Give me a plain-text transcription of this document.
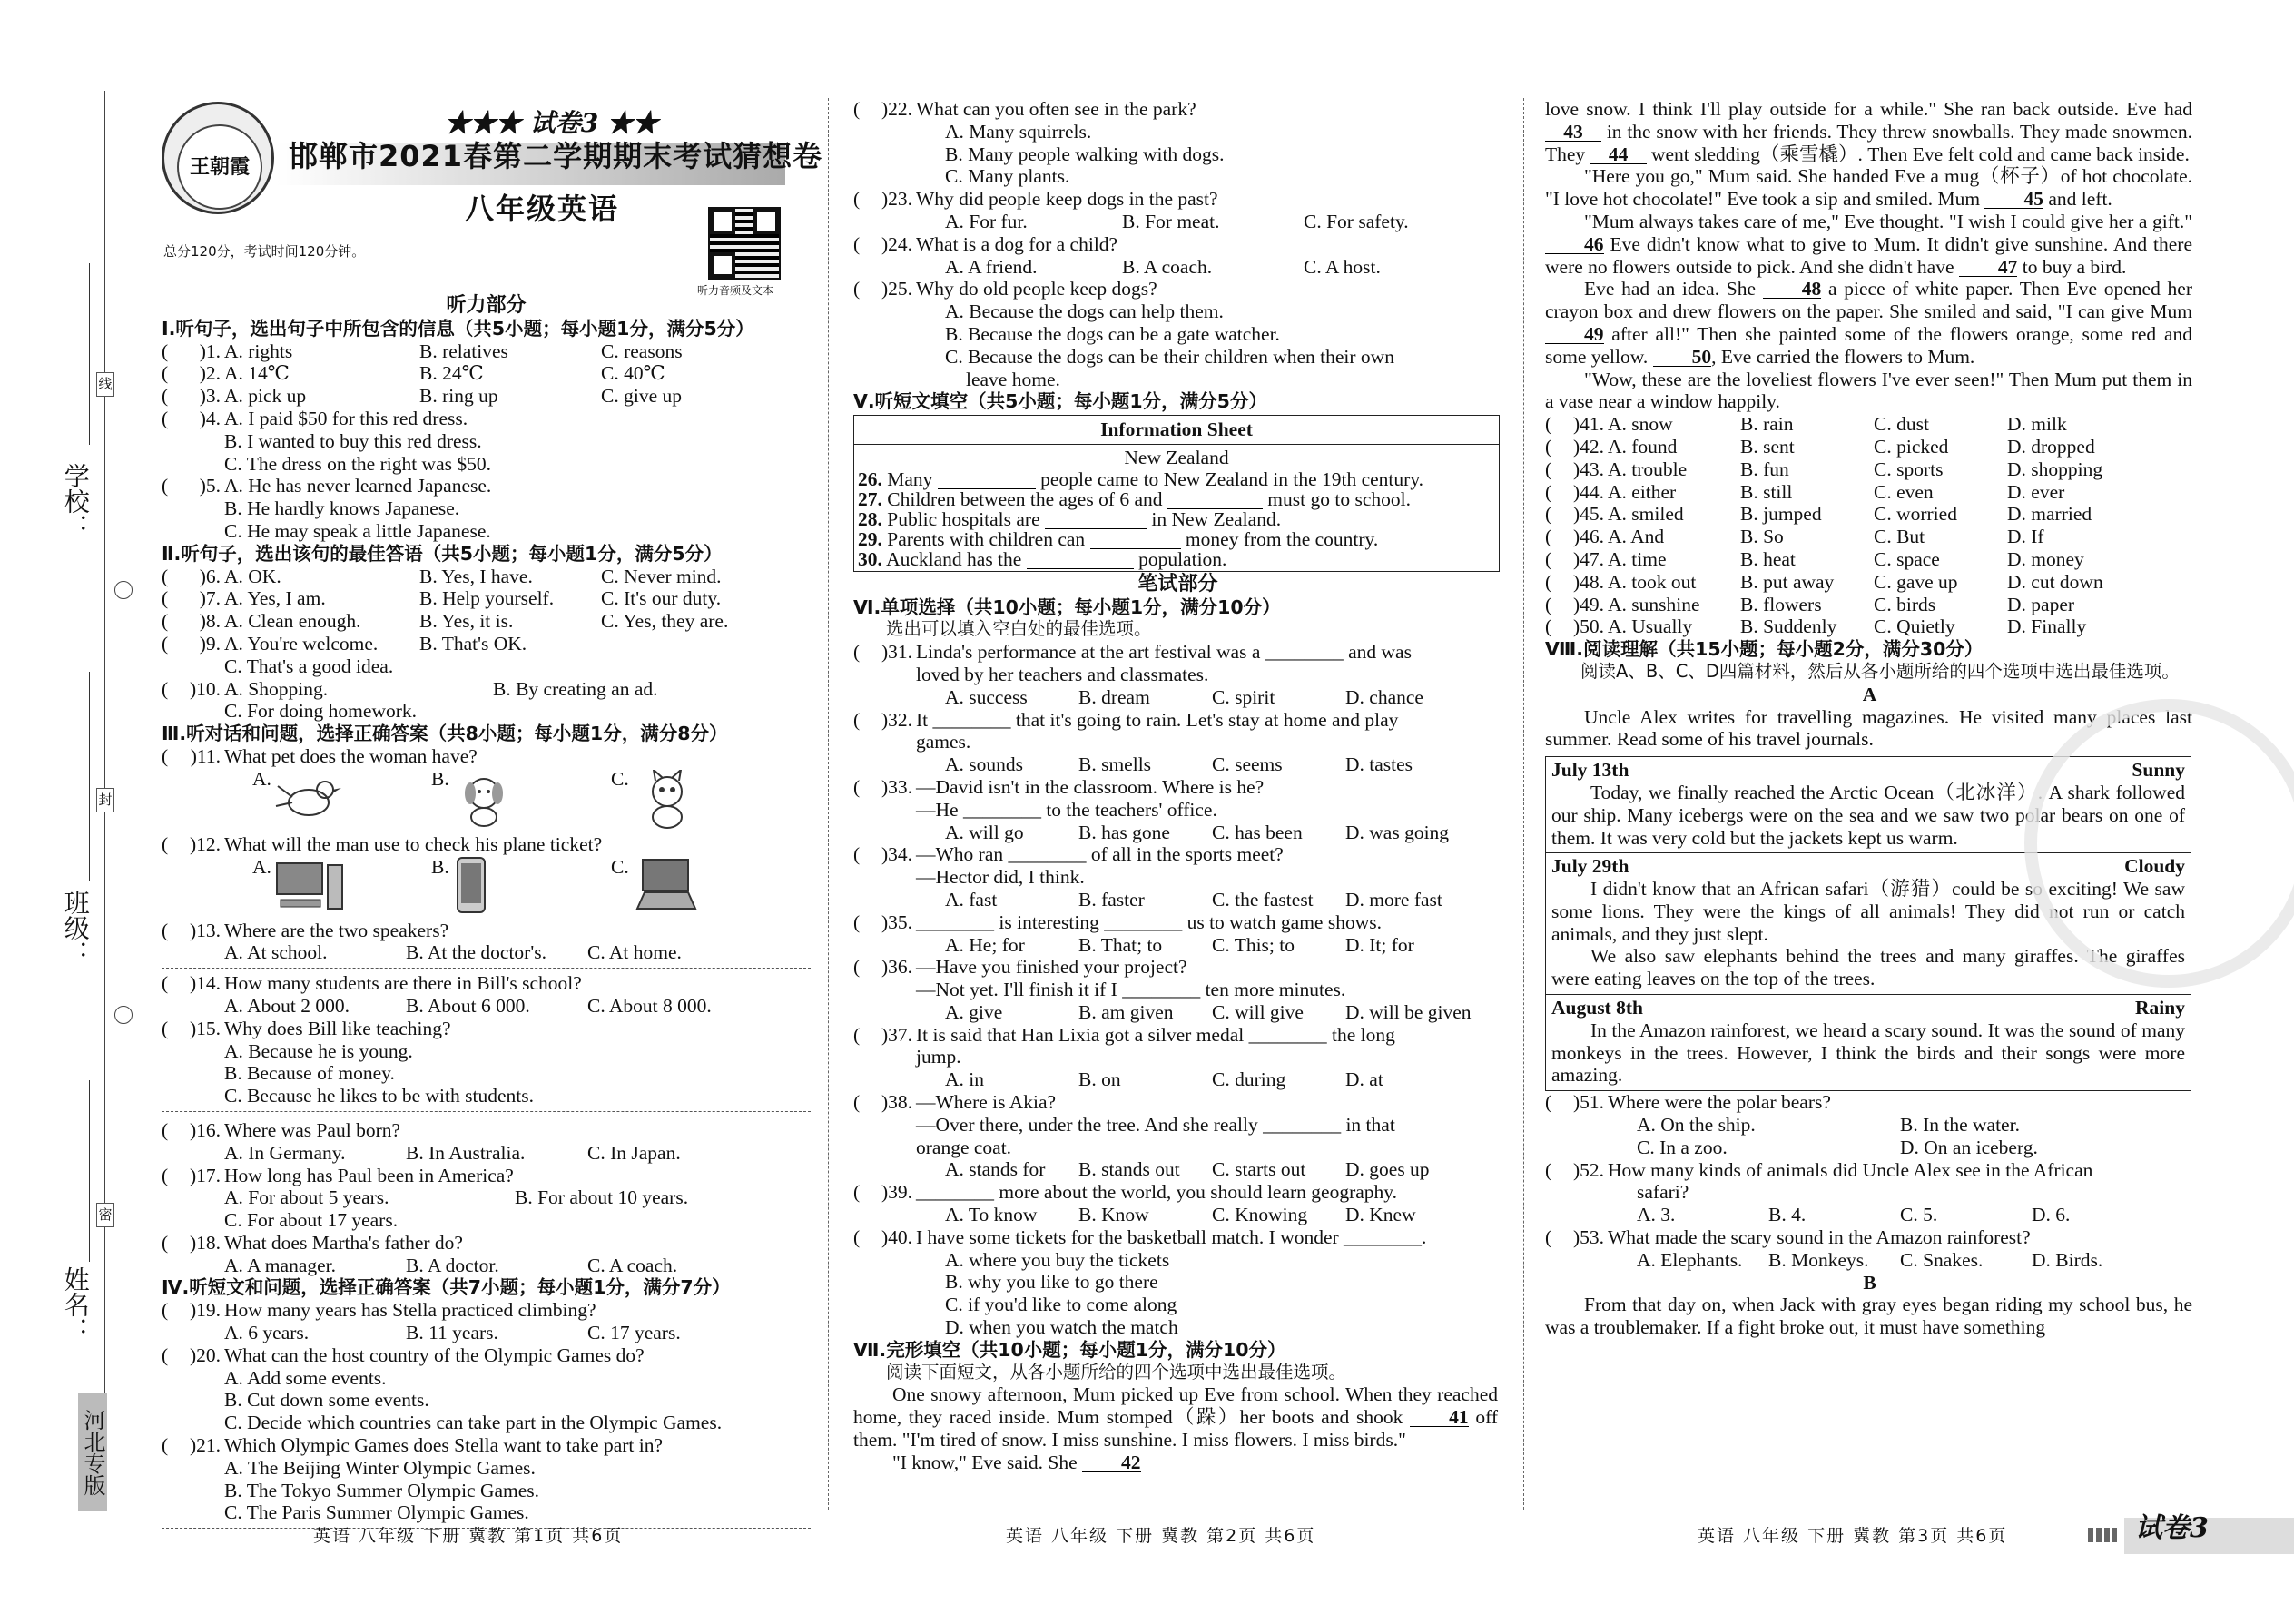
学校：
班级：
姓名：
线
封
密
河北专版
王朝霞
★★★ 试卷3 ★★
邯郸市2021春第二学期期末考试猜想卷
八年级英语
总分120分，考试时间120分钟。
听力音频及文本
听力部分
Ⅰ.听句子，选出句子中所包含的信息（共5小题；每小题1分，满分5分）
(	)1. A. rights	B. relatives	C. reasons
(	)2. A. 14℃	B. 24℃	C. 40℃
(	)3. A. pick up	B. ring up	C. give up
(	)4. A. I paid $50 for this red dress.
B. I wanted to buy this red dress.
C. The dress on the right was $50.
(	)5. A. He has never learned Japanese.
B. He hardly knows Japanese.
C. He may speak a little Japanese.
Ⅱ.听句子，选出该句的最佳答语（共5小题；每小题1分，满分5分）
(	)6. A. OK.	B. Yes, I have.	C. Never mind.
(	)7. A. Yes, I am.	B. Help yourself.	C. It's our duty.
(	)8. A. Clean enough.	B. Yes, it is.	C. Yes, they are.
(	)9. A. You're welcome.	B. That's OK.
C. That's a good idea.
(	)10. A. Shopping.	B. By creating an ad.
C. For doing homework.
Ⅲ.听对话和问题，选择正确答案（共8小题；每小题1分，满分8分）
(	)11. What pet does the woman have?
A.	B.	C.
(	)12. What will the man use to check his plane ticket?
A.	B.	C.
(	)13. Where are the two speakers?
A. At school.	B. At the doctor's.	C. At home.
(	)14. How many students are there in Bill's school?
A. About 2 000.	B. About 6 000.	C. About 8 000.
(	)15. Why does Bill like teaching?
A. Because he is young.
B. Because of money.
C. Because he likes to be with students.
(	)16. Where was Paul born?
A. In Germany.	B. In Australia.	C. In Japan.
(	)17. How long has Paul been in America?
A. For about 5 years.	B. For about 10 years.
C. For about 17 years.
(	)18. What does Martha's father do?
A. A manager.	B. A doctor.	C. A coach.
Ⅳ.听短文和问题，选择正确答案（共7小题；每小题1分，满分7分）
(	)19. How many years has Stella practiced climbing?
A. 6 years.	B. 11 years.	C. 17 years.
(	)20. What can the host country of the Olympic Games do?
A. Add some events.
B. Cut down some events.
C. Decide which countries can take part in the Olympic Games.
(	)21. Which Olympic Games does Stella want to take part in?
A. The Beijing Winter Olympic Games.
B. The Tokyo Summer Olympic Games.
C. The Paris Summer Olympic Games.
(	)22. What can you often see in the park?
A. Many squirrels.
B. Many people walking with dogs.
C. Many plants.
(	)23. Why did people keep dogs in the past?
A. For fur.	B. For meat.	C. For safety.
(	)24. What is a dog for a child?
A. A friend.	B. A coach.	C. A host.
(	)25. Why do old people keep dogs?
A. Because the dogs can help them.
B. Because the dogs can be a gate watcher.
C. Because the dogs can be their children when their own
leave home.
Ⅴ.听短文填空（共5小题；每小题1分，满分5分）
Information Sheet
New Zealand
26. Many	people came to New Zealand in the 19th century.
27. Children between the ages of 6 and	must go to school.
28. Public hospitals are	in New Zealand.
29. Parents with children can	money from the country.
30. Auckland has the	population.
笔试部分
Ⅵ.单项选择（共10小题；每小题1分，满分10分）
选出可以填入空白处的最佳选项。
(	)31. Linda's performance at the art festival was a ________ and was
loved by her teachers and classmates.
A. success	B. dream	C. spirit	D. chance
(	)32. It ________ that it's going to rain. Let's stay at home and play
games.
A. sounds	B. smells	C. seems	D. tastes
(	)33. —David isn't in the classroom. Where is he?
—He ________ to the teachers' office.
A. will go	B. has gone	C. has been	D. was going
(	)34. —Who ran ________ of all in the sports meet?
—Hector did, I think.
A. fast	B. faster	C. the fastest	D. more fast
(	)35. ________ is interesting ________ us to watch game shows.
A. He; for	B. That; to	C. This; to	D. It; for
(	)36. —Have you finished your project?
—Not yet. I'll finish it if I ________ ten more minutes.
A. give	B. am given	C. will give	D. will be given
(	)37. It is said that Han Lixia got a silver medal ________ the long
jump.
A. in	B. on	C. during	D. at
(	)38. —Where is Akia?
—Over there, under the tree. And she really ________ in that
orange coat.
A. stands for	B. stands out	C. starts out	D. goes up
(	)39. ________ more about the world, you should learn geography.
A. To know	B. Know	C. Knowing	D. Knew
(	)40. I have some tickets for the basketball match. I wonder ________.
A. where you buy the tickets
B. why you like to go there
C. if you'd like to come along
D. when you watch the match
Ⅶ.完形填空（共10小题；每小题1分，满分10分）
阅读下面短文，从各小题所给的四个选项中选出最佳选项。
One snowy afternoon, Mum picked up Eve from school. When they reached home, they raced inside. Mum stomped（跺）her boots and shook 41 off them. "I'm tired of snow. I miss sunshine. I miss flowers. I miss birds."
"I know," Eve said. She 42
love snow. I think I'll play outside for a while." She ran back outside. Eve had 43 in the snow with her friends. They threw snowballs. They made snowmen. They 44 went sledding（乘雪橇）. Then Eve felt cold and came back inside.
"Here you go," Mum said. She handed Eve a mug（杯子）of hot chocolate. "I love hot chocolate!" Eve took a sip and smiled. Mum 45 and left.
"Mum always takes care of me," Eve thought. "I wish I could give her a gift." 46 Eve didn't know what to give to Mum. It didn't give sunshine. And there were no flowers outside to pick. And she didn't have 47 to buy a bird.
Eve had an idea. She 48 a piece of white paper. Then Eve opened her crayon box and drew flowers on the paper. She smiled and said, "I can give Mum 49 after all!" Then she painted some of the flowers orange, some red and some yellow. 50, Eve carried the flowers to Mum.
"Wow, these are the loveliest flowers I've ever seen!" Then Mum put them in a vase near a window happily.
(	)41. A. snow	B. rain	C. dust	D. milk
(	)42. A. found	B. sent	C. picked	D. dropped
(	)43. A. trouble	B. fun	C. sports	D. shopping
(	)44. A. either	B. still	C. even	D. ever
(	)45. A. smiled	B. jumped	C. worried	D. married
(	)46. A. And	B. So	C. But	D. If
(	)47. A. time	B. heat	C. space	D. money
(	)48. A. took out	B. put away	C. gave up	D. cut down
(	)49. A. sunshine	B. flowers	C. birds	D. paper
(	)50. A. Usually	B. Suddenly	C. Quietly	D. Finally
Ⅷ.阅读理解（共15小题；每小题2分，满分30分）
阅读A、B、C、D四篇材料，然后从各小题所给的四个选项中选出最佳选项。
A
Uncle Alex writes for travelling magazines. He visited many places last summer. Read some of his travel journals.
July 13th	Sunny
Today, we finally reached the Arctic Ocean（北冰洋）. A shark followed our ship. Many icebergs were on the sea and we saw two polar bears on one of them. It was very cold but the jackets kept us warm.
July 29th	Cloudy
I didn't know that an African safari（游猎）could be so exciting! We saw some lions. They were the kings of all animals! They did not run or catch animals, and they just slept.
We also saw elephants behind the trees and many giraffes. The giraffes were eating leaves on the top of the trees.
August 8th	Rainy
In the Amazon rainforest, we heard a scary sound. It was the sound of many monkeys in the trees. However, I think the birds and their songs were more amazing.
(	)51. Where were the polar bears?
A. On the ship.	B. In the water.
C. In a zoo.	D. On an iceberg.
(	)52. How many kinds of animals did Uncle Alex see in the African
safari?
A. 3.	B. 4.	C. 5.	D. 6.
(	)53. What made the scary sound in the Amazon rainforest?
A. Elephants.	B. Monkeys.	C. Snakes.	D. Birds.
B
From that day on, when Jack with gray eyes began riding my school bus, he was a troublemaker. If a fight broke out, it must have something
英语 八年级 下册 冀教 第1页 共6页	英语 八年级 下册 冀教 第2页 共6页	英语 八年级 下册 冀教 第3页 共6页	试卷3
